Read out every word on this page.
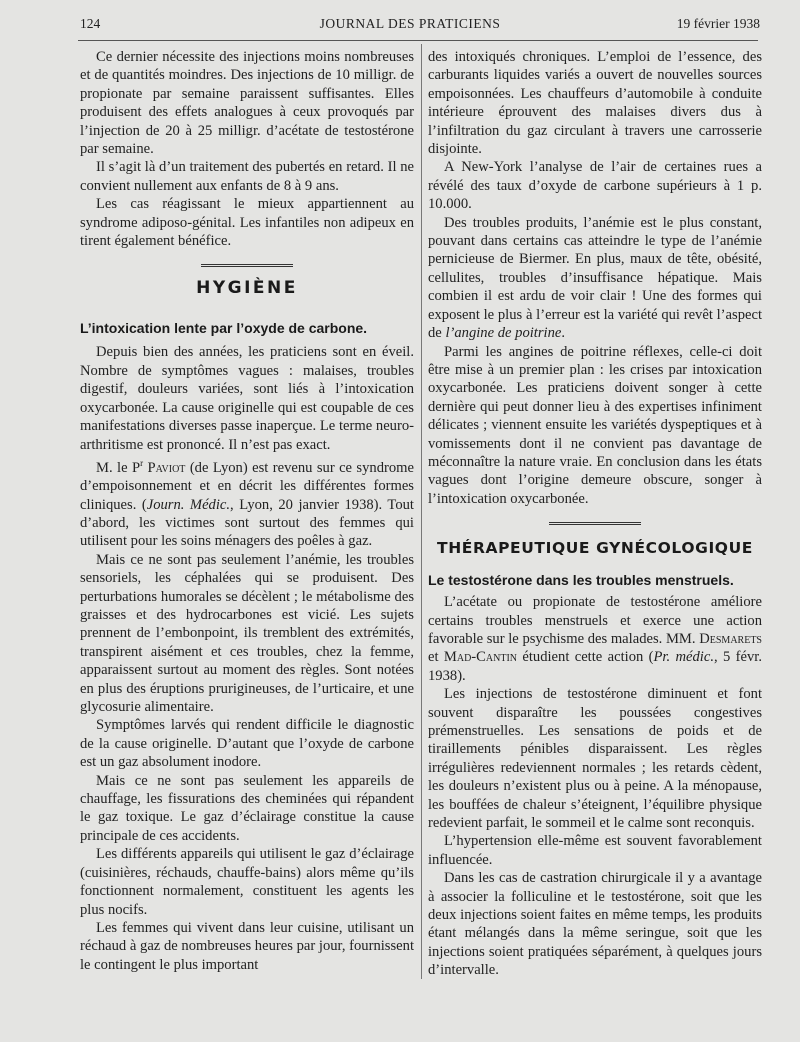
124	JOURNAL DES PRATICIENS	19 février 1938

Ce dernier nécessite des injections moins nombreuses et de quantités moindres. Des injections de 10 milligr. de propionate par semaine paraissent suffisantes. Elles produisent des effets analogues à ceux provoqués par l’injection de 20 à 25 milligr. d’acétate de testostérone par semaine.

Il s’agit là d’un traitement des pubertés en retard. Il ne convient nullement aux enfants de 8 à 9 ans.

Les cas réagissant le mieux appartiennent au syndrome adiposo-génital. Les infantiles non adipeux en tirent également bénéfice.

HYGIÈNE
L’intoxication lente par l’oxyde de carbone.

Depuis bien des années, les praticiens sont en éveil. Nombre de symptômes vagues : malaises, troubles digestif, douleurs variées, sont liés à l’intoxication oxycarbonée. La cause originelle qui est coupable de ces manifestations diverses passe inaperçue. Le terme neuro-arthritisme est prononcé. Il n’est pas exact.

M. le $P^r$ Paviot (de Lyon) est revenu sur ce syndrome d’empoisonnement et en décrit les différentes formes cliniques. (Journ. Médic., Lyon, 20 janvier 1938). Tout d’abord, les victimes sont surtout des femmes qui utilisent pour les soins ménagers des poêles à gaz.

Mais ce ne sont pas seulement l’anémie, les troubles sensoriels, les céphalées qui se produisent. Des perturbations humorales se décèlent ; le métabolisme des graisses et des hydrocarbones est vicié. Les sujets prennent de l’embonpoint, ils tremblent des extrémités, transpirent aisément et ces troubles, chez la femme, apparaissent surtout au moment des règles. Sont notées en plus des éruptions prurigineuses, de l’urticaire, et une glycosurie alimentaire.

Symptômes larvés qui rendent difficile le diagnostic de la cause originelle. D’autant que l’oxyde de carbone est un gaz absolument inodore.

Mais ce ne sont pas seulement les appareils de chauffage, les fissurations des cheminées qui répandent le gaz toxique. Le gaz d’éclairage constitue la cause principale de ces accidents.

Les différents appareils qui utilisent le gaz d’éclairage (cuisinières, réchauds, chauffe-bains) alors même qu’ils fonctionnent normalement, constituent les agents les plus nocifs.

Les femmes qui vivent dans leur cuisine, utilisant un réchaud à gaz de nombreuses heures par jour, fournissent le contingent le plus important

des intoxiqués chroniques. L’emploi de l’essence, des carburants liquides variés a ouvert de nouvelles sources empoisonnées. Les chauffeurs d’automobile à conduite intérieure éprouvent des malaises divers dus à l’infiltration du gaz circulant à travers une carrosserie disjointe.

A New-York l’analyse de l’air de certaines rues a révélé des taux d’oxyde de carbone supérieurs à 1 p. 10.000.

Des troubles produits, l’anémie est le plus constant, pouvant dans certains cas atteindre le type de l’anémie pernicieuse de Biermer. En plus, maux de tête, obésité, cellulites, troubles d’insuffisance hépatique. Mais combien il est ardu de voir clair ! Une des formes qui exposent le plus à l’erreur est la variété qui revêt l’aspect de l’angine de poitrine.

Parmi les angines de poitrine réflexes, celle-ci doit être mise à un premier plan : les crises par intoxication oxycarbonée. Les praticiens doivent songer à cette dernière qui peut donner lieu à des expertises infiniment délicates ; viennent ensuite les variétés dyspeptiques et à vomissements dont il ne convient pas davantage de méconnaître la nature vraie. En conclusion dans les états vagues dont l’origine demeure obscure, songer à l’intoxication oxycarbonée.

THÉRAPEUTIQUE GYNÉCOLOGIQUE
Le testostérone dans les troubles menstruels.

L’acétate ou propionate de testostérone améliore certains troubles menstruels et exerce une action favorable sur le psychisme des malades. MM. Desmarets et Mad-Cantin étudient cette action (Pr. médic., 5 févr. 1938).

Les injections de testostérone diminuent et font souvent disparaître les poussées congestives prémenstruelles. Les sensations de poids et de tiraillements pénibles disparaissent. Les règles irrégulières redeviennent normales ; les retards cèdent, les douleurs n’existent plus ou à peine. A la ménopause, les bouffées de chaleur s’éteignent, l’équilibre physique redevient parfait, le sommeil et le calme sont reconquis.

L’hypertension elle-même est souvent favorablement influencée.

Dans les cas de castration chirurgicale il y a avantage à associer la folliculine et le testostérone, soit que les deux injections soient faites en même temps, les produits étant mélangés dans la même seringue, soit que les injections soient pratiquées séparément, à quelques jours d’intervalle.
